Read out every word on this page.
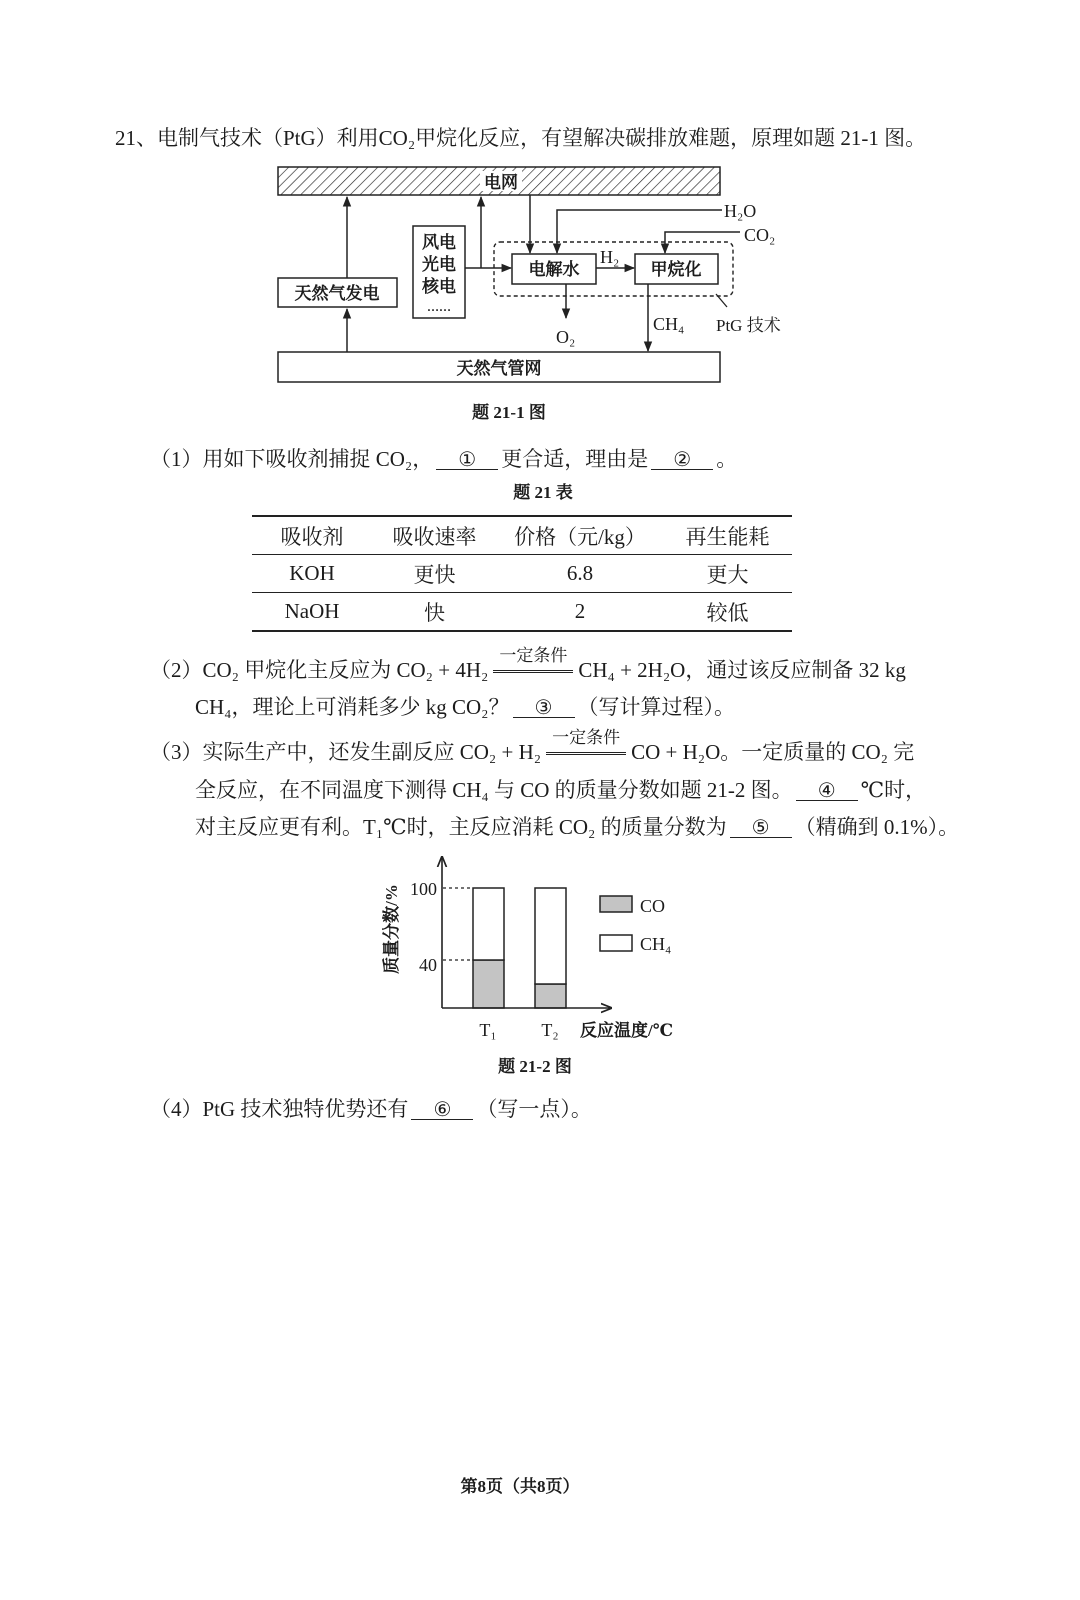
21、电制气技术（PtG）利用CO₂甲烷化反应，有望解决碳排放难题，原理如题 21-1 图。
电网
天然气发电
风电
光电
核电
……
电解水	甲烷化
天然气管网
H₂
H₂O
CO₂
O₂
CH₄ PtG 技术
题 21-1 图
（1）用如下吸收剂捕捉 CO₂， ① 更合适，理由是 ② 。
题 21 表
吸收剂	吸收速率	价格（元/kg）	再生能耗
KOH	更快	6.8	更大
NaOH	快	2	较低
（2）CO₂ 甲烷化主反应为 CO₂ + 4H₂
一定条件
CH₄ + 2H₂O，通过该反应制备 32 kg
CH₄，理论上可消耗多少 kg CO₂？ ③ （写计算过程）。
（3）实际生产中，还发生副反应 CO₂ + H₂
一定条件
CO + H₂O。一定质量的 CO₂ 完
全反应，在不同温度下测得 CH₄ 与 CO 的质量分数如题 21-2 图。 ④ ℃时，
对主反应更有利。T₁℃时，主反应消耗 CO₂ 的质量分数为 ⑤ （精确到 0.1%）。
100
40
质量分数/%
T₁ T₂ 反应温度/℃
CO
CH₄
题 21-2 图
（4）PtG 技术独特优势还有 ⑥ （写一点）。
第8页（共8页）
